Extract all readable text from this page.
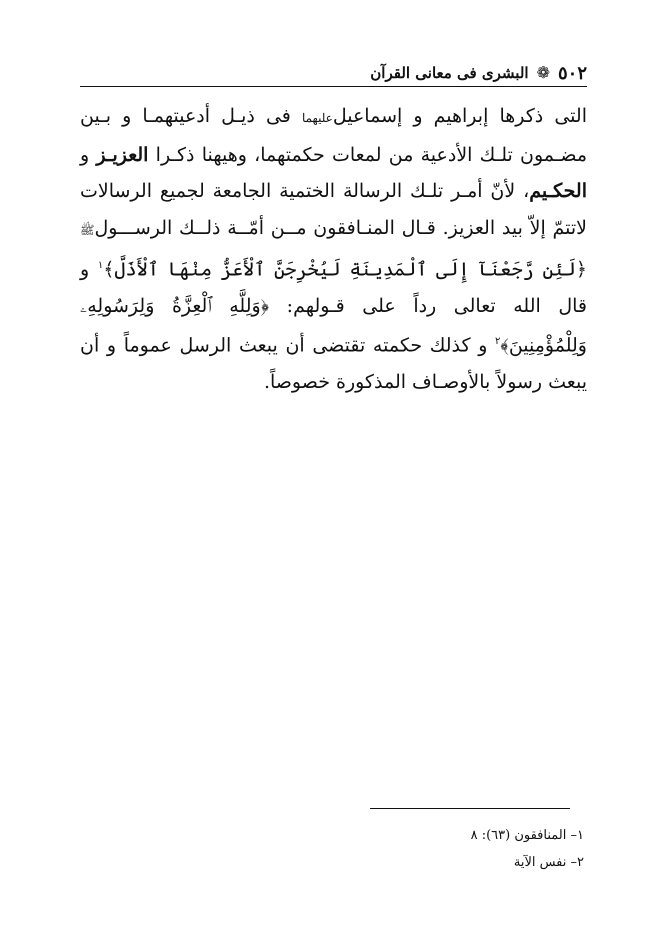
٥٠٢
❁
البشرى فى معانى القرآن

التى ذكرها إبراهيم و إسماعيلﻋﻠﻴﻬﻤﺎ فى ذيـل أدعيتهمـا و بـين مضـمون تلـك الأدعية من لمعات حكمتهما، وهيهنا ذكـرا العزيـز و الحكـيم، لأنّ أمـر تلـك الرسالة الختمية الجامعة لجميع الرسالات لاتتمّ إلاّ بيد العزيز. قـال المنـافقون مــن أمّــة ذلــك الرســـولﷺ ﴿لَئِن رَّجَعْنَآ إِلَى ٱلْمَدِينَةِ لَيُخْرِجَنَّ ٱلْأَعَزُّ مِنْهَا ٱلْأَذَلَّ﴾$^١$ و قال الله تعالى رداً على قـولهم: ﴿وَلِلَّهِ ٱلْعِزَّةُ وَلِرَسُولِهِۦ وَلِلْمُؤْمِنِينَ﴾$^٢$ و كذلك حكمته تقتضى أن يبعث الرسل عموماً و أن يبعث رسولاً بالأوصـاف المذكورة خصوصاً.

١– المنافقون (٦٣): ٨
٢– نفس الآية
